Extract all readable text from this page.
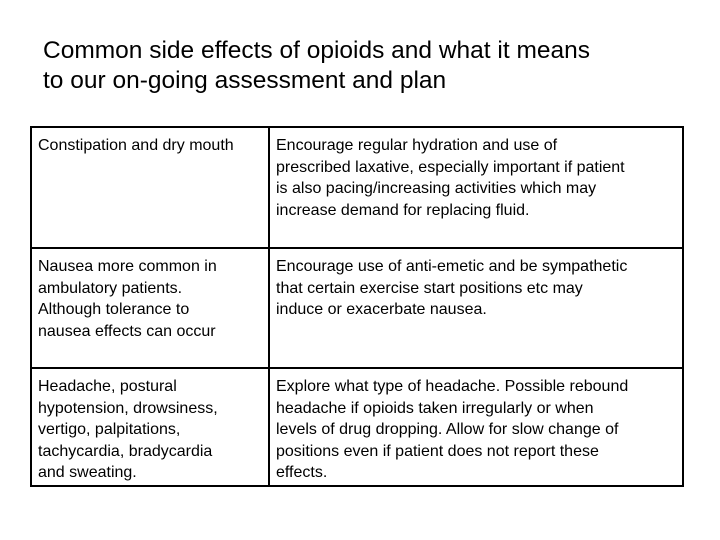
Common side effects of opioids and what it means
to our on-going assessment and plan
Constipation and dry mouth	Encourage regular hydration and use of
prescribed laxative, especially important if patient
is also pacing/increasing activities which may
increase demand for replacing fluid.
Nausea more common in
ambulatory patients.
Although tolerance to
nausea effects can occur
Encourage use of anti-emetic and be sympathetic
that certain exercise start positions etc may
induce or exacerbate nausea.
Headache, postural
hypotension, drowsiness,
vertigo, palpitations,
tachycardia, bradycardia
and sweating.
Explore what type of headache. Possible rebound
headache if opioids taken irregularly or when
levels of drug dropping. Allow for slow change of
positions even if patient does not report these
effects.
